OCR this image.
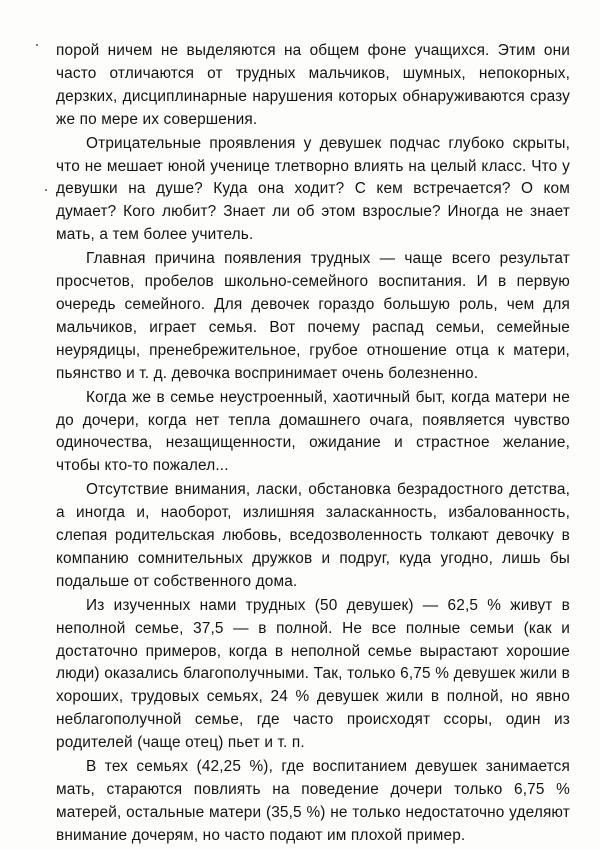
порой ничем не выделяются на общем фоне учащихся. Этим они часто отличаются от трудных мальчиков, шумных, непокорных, дерзких, дисциплинарные нарушения которых обнаруживаются сразу же по мере их совершения.

Отрицательные проявления у девушек подчас глубоко скрыты, что не мешает юной ученице тлетворно влиять на целый класс. Что у девушки на душе? Куда она ходит? С кем встречается? О ком думает? Кого любит? Знает ли об этом взрослые? Иногда не знает мать, а тем более учитель.

Главная причина появления трудных — чаще всего результат просчетов, пробелов школьно-семейного воспитания. И в первую очередь семейного. Для девочек гораздо большую роль, чем для мальчиков, играет семья. Вот почему распад семьи, семейные неурядицы, пренебрежительное, грубое отношение отца к матери, пьянство и т. д. девочка воспринимает очень болезненно.

Когда же в семье неустроенный, хаотичный быт, когда матери не до дочери, когда нет тепла домашнего очага, появляется чувство одиночества, незащищенности, ожидание и страстное желание, чтобы кто-то пожалел...

Отсутствие внимания, ласки, обстановка безрадостного детства, а иногда и, наоборот, излишняя заласканность, избалованность, слепая родительская любовь, вседозволенность толкают девочку в компанию сомнительных дружков и подруг, куда угодно, лишь бы подальше от собственного дома.

Из изученных нами трудных (50 девушек) — 62,5 % живут в неполной семье, 37,5 — в полной. Не все полные семьи (как и достаточно примеров, когда в неполной семье вырастают хорошие люди) оказались благополучными. Так, только 6,75 % девушек жили в хороших, трудовых семьях, 24 % девушек жили в полной, но явно неблагополучной семье, где часто происходят ссоры, один из родителей (чаще отец) пьет и т. п.

В тех семьях (42,25 %), где воспитанием девушек занимается мать, стараются повлиять на поведение дочери только 6,75 % матерей, остальные матери (35,5 %) не только недостаточно уделяют внимание дочерям, но часто подают им плохой пример.
